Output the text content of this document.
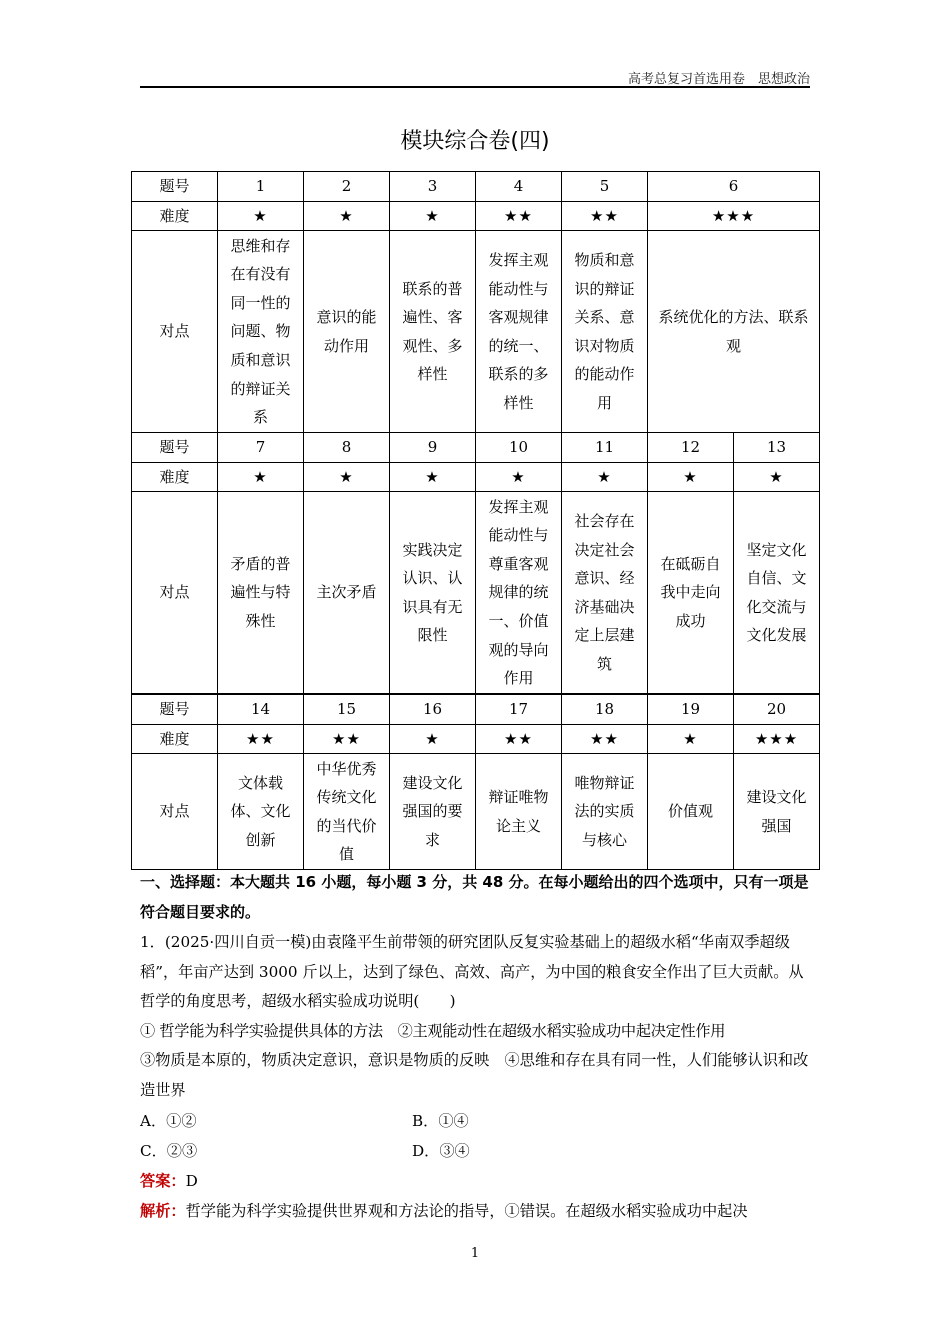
高考总复习首选用卷　思想政治
模块综合卷(四)
题号	1	2	3	4	5	6
难度	★	★	★	★★	★★	★★★
对点	思维和存在有没有同一性的问题、物质和意识的辩证关系	意识的能动作用	联系的普遍性、客观性、多样性	发挥主观能动性与客观规律的统一、联系的多样性	物质和意识的辩证关系、意识对物质的能动作用	系统优化的方法、联系观
题号	7	8	9	10	11	12	13
难度	★	★	★	★	★	★	★
对点	矛盾的普遍性与特殊性	主次矛盾	实践决定认识、认识具有无限性	发挥主观能动性与尊重客观规律的统一、价值观的导向作用	社会存在决定社会意识、经济基础决定上层建筑	在砥砺自我中走向成功	坚定文化自信、文化交流与文化发展
题号	14	15	16	17	18	19	20
难度	★★	★★	★	★★	★★	★	★★★
对点	文体载体、文化创新	中华优秀传统文化的当代价值	建设文化强国的要求	辩证唯物论主义	唯物辩证法的实质与核心	价值观	建设文化强国
一、选择题：本大题共 16 小题，每小题 3 分，共 48 分。在每小题给出的四个选项中，只有一项是符合题目要求的。
1．(2025·四川自贡一模)由袁隆平生前带领的研究团队反复实验基础上的超级水稻“华南双季超级稻”，年亩产达到 3000 斤以上，达到了绿色、高效、高产，为中国的粮食安全作出了巨大贡献。从哲学的角度思考，超级水稻实验成功说明(　　)
① 哲学能为科学实验提供具体的方法　②主观能动性在超级水稻实验成功中起决定性作用
③物质是本原的，物质决定意识，意识是物质的反映　④思维和存在具有同一性，人们能够认识和改造世界
A．①②	B．①④
C．②③	D．③④
答案：D
解析：哲学能为科学实验提供世界观和方法论的指导，①错误。在超级水稻实验成功中起决
1
